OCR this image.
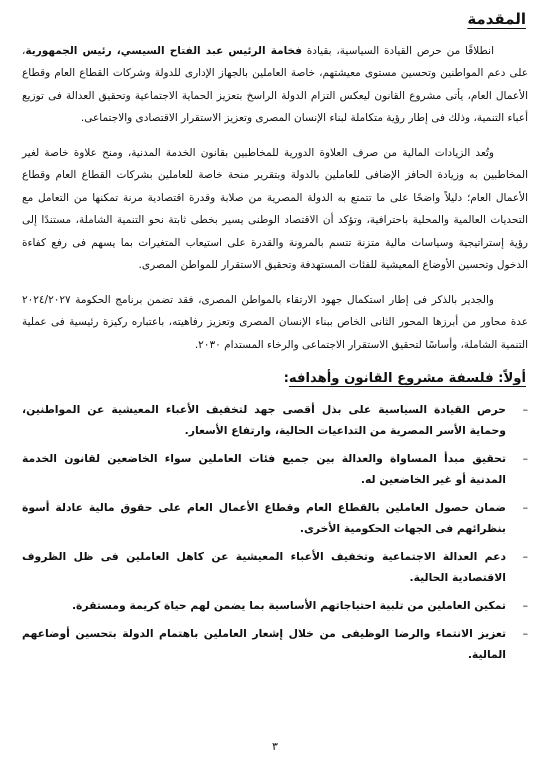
المقدمة

انطلاقًا من حرص القيادة السياسية، بقيادة فخامة الرئيس عبد الفتاح السيسي، رئيس الجمهورية، على دعم المواطنين وتحسين مستوى معيشتهم، خاصة العاملين بالجهاز الإدارى للدولة وشركات القطاع العام وقطاع الأعمال العام، يأتى مشروع القانون ليعكس التزام الدولة الراسخ بتعزيز الحماية الاجتماعية وتحقيق العدالة فى توزيع أعباء التنمية، وذلك فى إطار رؤية متكاملة لبناء الإنسان المصرى وتعزيز الاستقرار الاقتصادى والاجتماعى.

وتُعد الزيادات المالية من صرف العلاوة الدورية للمخاطبين بقانون الخدمة المدنية، ومنح علاوة خاصة لغير المخاطبين به وزيادة الحافز الإضافى للعاملين بالدولة وبتقرير منحة خاصة للعاملين بشركات القطاع العام وقطاع الأعمال العام؛ دليلاً واضحًا على ما تتمتع به الدولة المصرية من صلابة وقدرة اقتصادية مرنة تمكنها من التعامل مع التحديات العالمية والمحلية باحترافية، وتؤكد أن الاقتصاد الوطنى يسير بخطى ثابتة نحو التنمية الشاملة، مستندًا إلى رؤية إستراتيجية وسياسات مالية متزنة تتسم بالمرونة والقدرة على استيعاب المتغيرات بما يسهم فى رفع كفاءة الدخول وتحسين الأوضاع المعيشية للفئات المستهدفة وتحقيق الاستقرار للمواطن المصرى.

والجدير بالذكر فى إطار استكمال جهود الارتقاء بالمواطن المصرى، فقد تضمن برنامج الحكومة ٢٠٢٤/٢٠٢٧ عدة محاور من أبرزها المحور الثانى الخاص ببناء الإنسان المصرى وتعزيز رفاهيته، باعتباره ركيزة رئيسية فى عملية التنمية الشاملة، وأساسًا لتحقيق الاستقرار الاجتماعى والرخاء المستدام ٢٠٣٠.

أولاً: فلسفة مشروع القانون وأهدافه:
–
حرص القيادة السياسية على بذل أقصى جهد لتخفيف الأعباء المعيشية عن المواطنين، وحماية الأسر المصرية من التداعيات الحالية، وارتفاع الأسعار.
–
تحقيق مبدأ المساواة والعدالة بين جميع فئات العاملين سواء الخاضعين لقانون الخدمة المدنية أو غير الخاضعين له.
–
ضمان حصول العاملين بالقطاع العام وقطاع الأعمال العام على حقوق مالية عادلة أسوة بنظرائهم فى الجهات الحكومية الأخرى.
–
دعم العدالة الاجتماعية وتخفيف الأعباء المعيشية عن كاهل العاملين فى ظل الظروف الاقتصادية الحالية.
–
تمكين العاملين من تلبية احتياجاتهم الأساسية بما يضمن لهم حياة كريمة ومستقرة.
–
تعزيز الانتماء والرضا الوظيفى من خلال إشعار العاملين باهتمام الدولة بتحسين أوضاعهم المالية.
٣
